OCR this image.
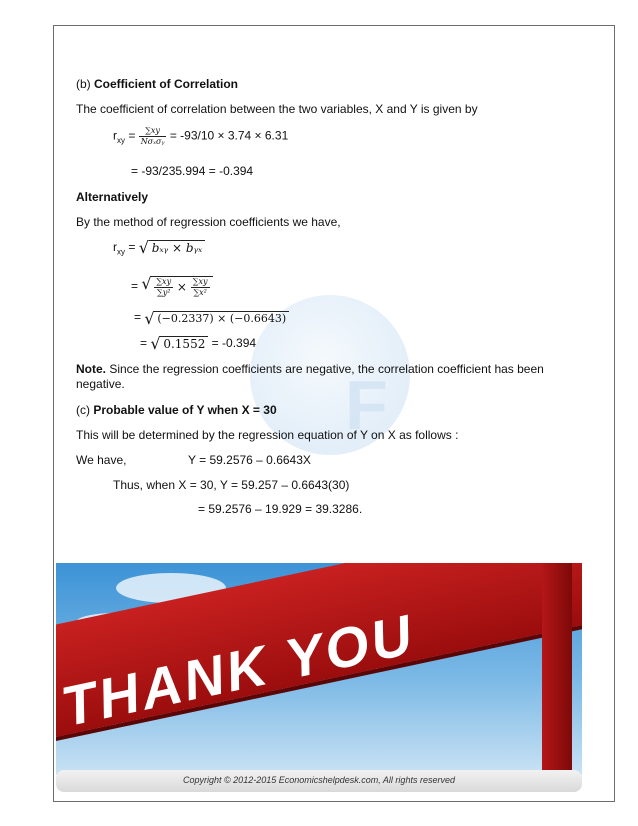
F
(b) Coefficient of Correlation
The coefficient of correlation between the two variables, X and Y is given by
$r_{xy} = \frac{\sum xy}{\text{Nσₓσᵧ}} = -93/10 \times 3.74 \times 6.31$
= -93/235.994 = -0.394
Alternatively
By the method of regression coefficients we have,
$r_{xy}$ = √ bₓᵧ × bᵧₓ
=
√ $\frac{\sum xy}{\text{∑y²}} \times \frac{\sum xy}{\text{∑x²}}$
= √ (−0.2337) × (−0.6643)
= √ 0.1552 = -0.394
Note. Since the regression coefficients are negative, the correlation coefficient has been
negative.
(c) Probable value of Y when X = 30
This will be determined by the regression equation of Y on X as follows :
We have,	Y = 59.2576 – 0.6643X
Thus, when X = 30, Y = 59.257 – 0.6643(30)
= 59.2576 – 19.929 = 39.3286.
THANK YOU
Copyright © 2012-2015 Economicshelpdesk.com, All rights reserved
